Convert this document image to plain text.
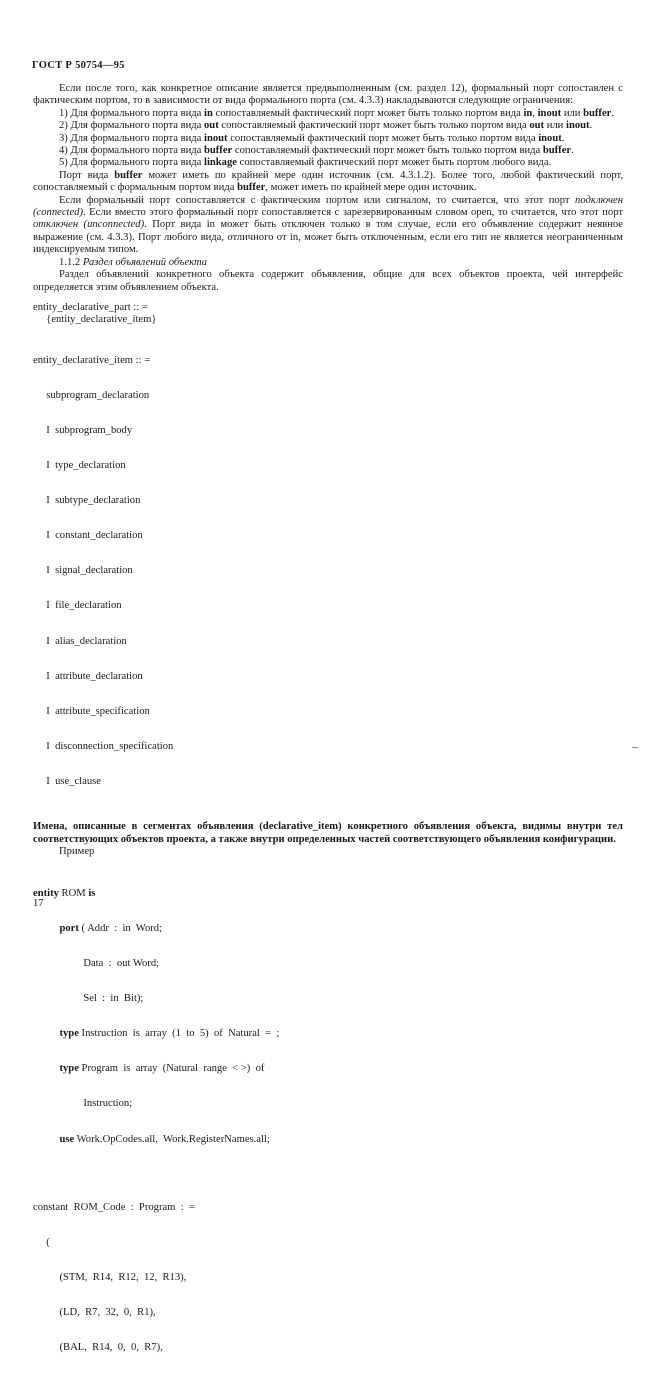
ГОСТ Р 50754—95

Если после того, как конкретное описание является предвыполненным (см. раздел 12), формальный порт сопоставлен с фактическим портом, то в зависимости от вида формального порта (см. 4.3.3) накладываются следующие ограничения:

1) Для формального порта вида in сопоставляемый фактический порт может быть только портом вида in, inout или buffer.

2) Для формального порта вида out сопоставляемый фактический порт может быть только портом вида out или inout.

3) Для формального порта вида inout сопоставляемый фактический порт может быть только портом вида inout.

4) Для формального порта вида buffer сопоставляемый фактический порт может быть только портом вида buffer.

5) Для формального порта вида linkage сопоставляемый фактический порт может быть портом любого вида.

Порт вида buffer может иметь по крайней мере один источник (см. 4.3.1.2). Более того, любой фактический порт, сопоставляемый с формальным портом вида buffer, может иметь по крайней мере один источник.

Если формальный порт сопоставляется с фактическим портом или сигналом, то считается, что этот порт подключен (connected). Если вместо этого формальный порт сопоставляется с зарезервированным словом open, то считается, что этот порт отключен (unconnected). Порт вида in может быть отключен только в том случае, если его объявление содержит неявное выражение (см. 4.3.3). Порт любого вида, отличного от in, может быть отключенным, если его тип не является неограниченным индексируемым типом.

1.1.2 Раздел объявлений объекта

Раздел объявлений конкретного объекта содержит объявления, общие для всех объектов проекта, чей интерфейс определяется этим объявлением объекта.

entity_declarative_part :: =
{entity_declarative_item}

entity_declarative_item :: =

subprogram_declaration

I  subprogram_body

I  type_declaration

I  subtype_declaration

I  constant_declaration

I  signal_declaration

I  file_declaration

I  alias_declaration

I  attribute_declaration

I  attribute_specification

I  disconnection_specification

I  use_clause

Имена, описанные в сегментах объявления (declarative_item) конкретного объявления объекта, видимы внутри тел соответствующих объектов проекта, а также внутри определенных частей соответствующего объявления конфигурации.

Пример

entity ROM is

port ( Addr  :  in  Word;

Data  :  out Word;

Sel  :  in  Bit);

type Instruction  is  array  (1  to  5)  of  Natural  =  ;

type Program  is  array  (Natural  range  < >)  of

Instruction;

use Work.OpCodes.all,  Work.RegisterNames.all;

constant  ROM_Code  :  Program  :  =

(

(STM,  R14,  R12,  12,  R13),

(LD,  R7,  32,  0,  R1),

(BAL,  R14,  0,  0,  R7),

17
